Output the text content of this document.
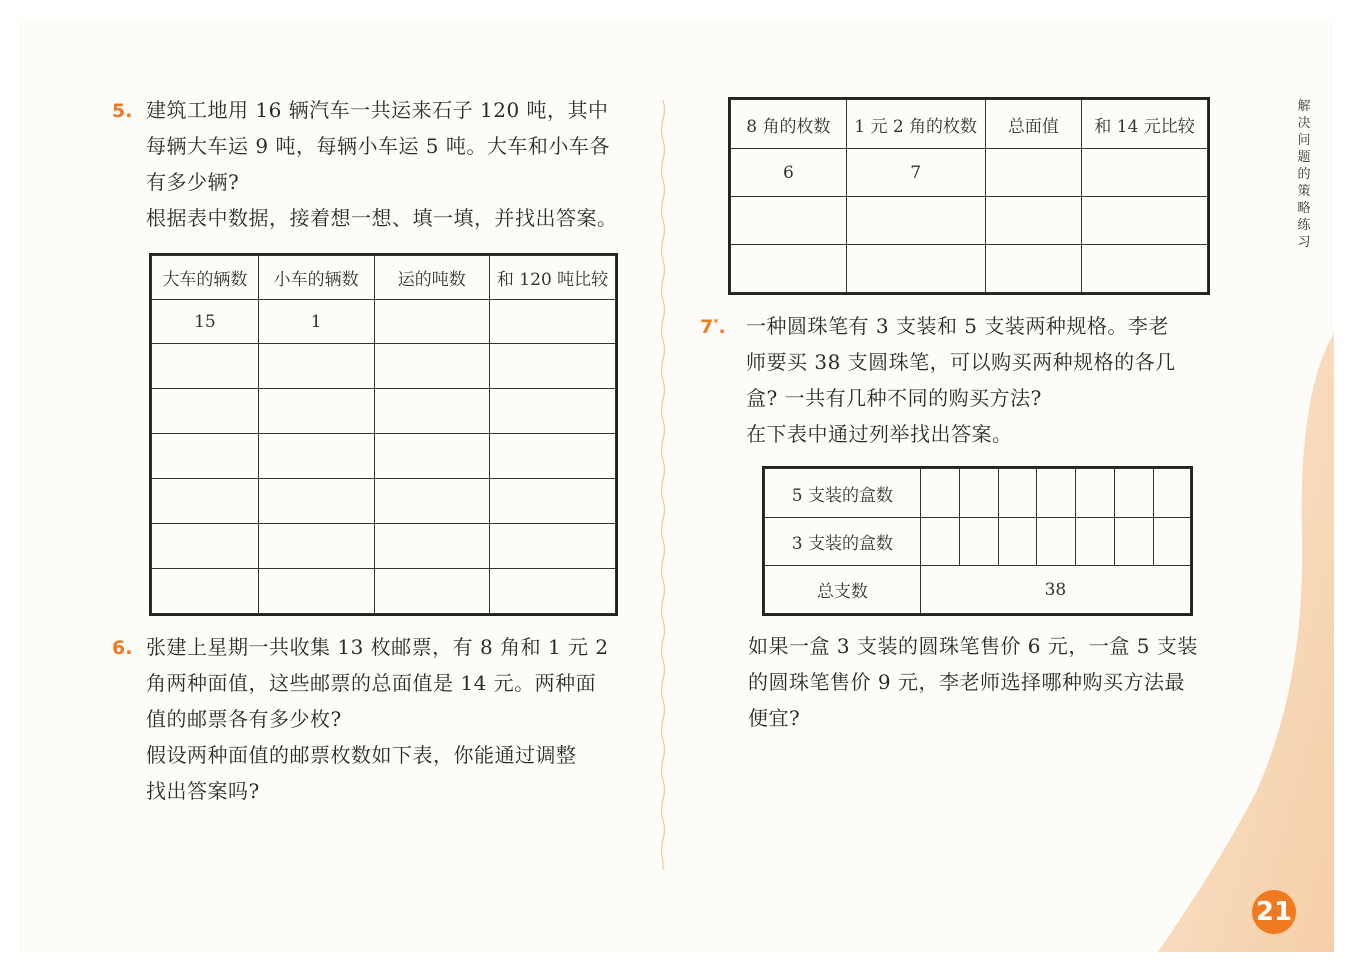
5. 建筑工地用 16 辆汽车一共运来石子 120 吨，其中
每辆大车运 9 吨，每辆小车运 5 吨。大车和小车各
有多少辆?
根据表中数据，接着想一想、填一填，并找出答案。
大车的辆数	小车的辆数	运的吨数	和 120 吨比较
15	1		

6. 张建上星期一共收集 13 枚邮票，有 8 角和 1 元 2
角两种面值，这些邮票的总面值是 14 元。两种面
值的邮票各有多少枚?
假设两种面值的邮票枚数如下表，你能通过调整
找出答案吗?
8 角的枚数	1 元 2 角的枚数	总面值	和 14 元比较
6	7		

7*. 一种圆珠笔有 3 支装和 5 支装两种规格。李老
师要买 38 支圆珠笔，可以购买两种规格的各几
盒? 一共有几种不同的购买方法?
在下表中通过列举找出答案。
5 支装的盒数							
3 支装的盒数							
总支数	38						
如果一盒 3 支装的圆珠笔售价 6 元，一盒 5 支装
的圆珠笔售价 9 元，李老师选择哪种购买方法最
便宜?
解
决
问
题
的
策
略
练
习
21
